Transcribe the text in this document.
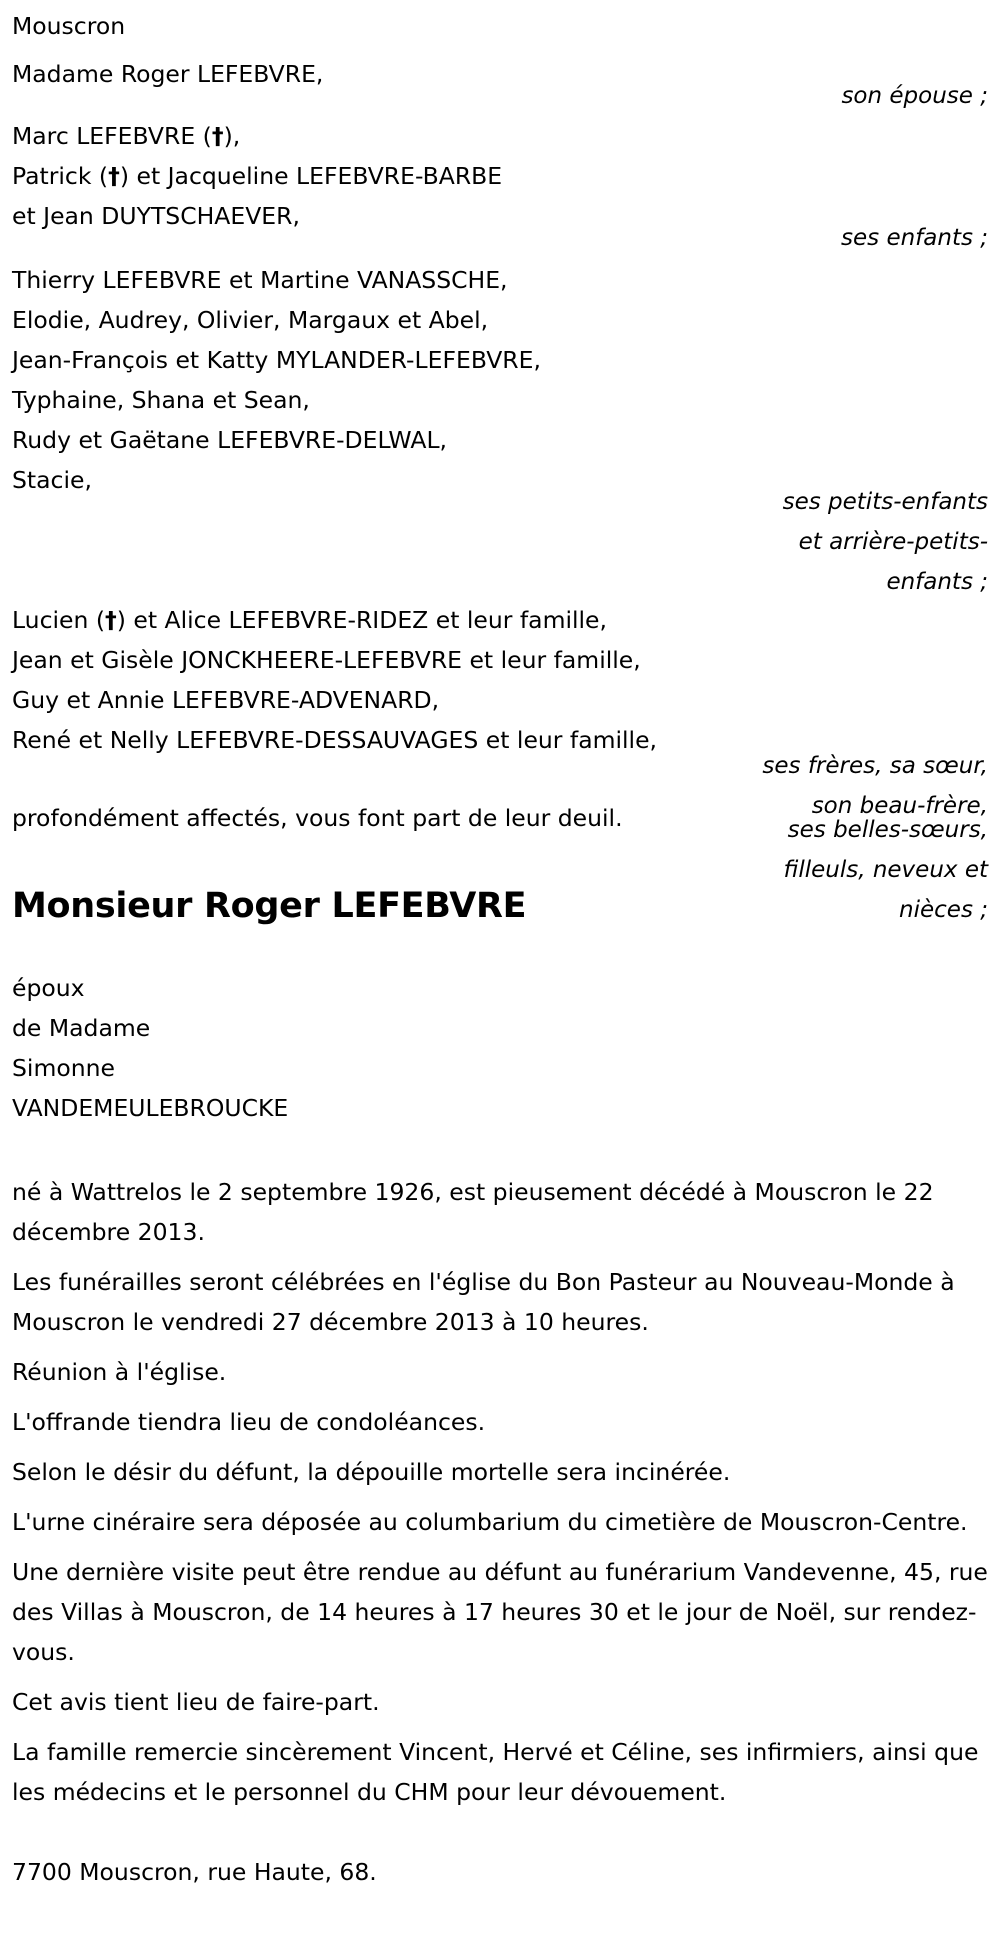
Mouscron
Madame Roger LEFEBVRE,
son épouse ;
Marc LEFEBVRE (†),
Patrick (†) et Jacqueline LEFEBVRE-BARBE
et Jean DUYTSCHAEVER,
ses enfants ;
Thierry LEFEBVRE et Martine VANASSCHE,
Elodie, Audrey, Olivier, Margaux et Abel,
Jean-François et Katty MYLANDER-LEFEBVRE,
Typhaine, Shana et Sean,
Rudy et Gaëtane LEFEBVRE-DELWAL,
Stacie,
ses petits-enfants
et arrière-petits-
enfants ;
Lucien (†) et Alice LEFEBVRE-RIDEZ et leur famille,
Jean et Gisèle JONCKHEERE-LEFEBVRE et leur famille,
Guy et Annie LEFEBVRE-ADVENARD,
René et Nelly LEFEBVRE-DESSAUVAGES et leur famille,
ses frères, sa sœur,
son beau-frère,
ses belles-sœurs,
filleuls, neveux et
nièces ;
profondément affectés, vous font part de leur deuil.
Monsieur Roger LEFEBVRE
époux
de Madame
Simonne
VANDEMEULEBROUCKE

né à Wattrelos le 2 septembre 1926, est pieusement décédé à Mouscron le 22 décembre 2013.

Les funérailles seront célébrées en l'église du Bon Pasteur au Nouveau-Monde à Mouscron le vendredi 27 décembre 2013 à 10 heures.

Réunion à l'église.

L'offrande tiendra lieu de condoléances.

Selon le désir du défunt, la dépouille mortelle sera incinérée.

L'urne cinéraire sera déposée au columbarium du cimetière de Mouscron-Centre.

Une dernière visite peut être rendue au défunt au funérarium Vandevenne, 45, rue des Villas à Mouscron, de 14 heures à 17 heures 30 et le jour de Noël, sur rendez-vous.

Cet avis tient lieu de faire-part.

La famille remercie sincèrement Vincent, Hervé et Céline, ses infirmiers, ainsi que les médecins et le personnel du CHM pour leur dévouement.

7700 Mouscron, rue Haute, 68.
